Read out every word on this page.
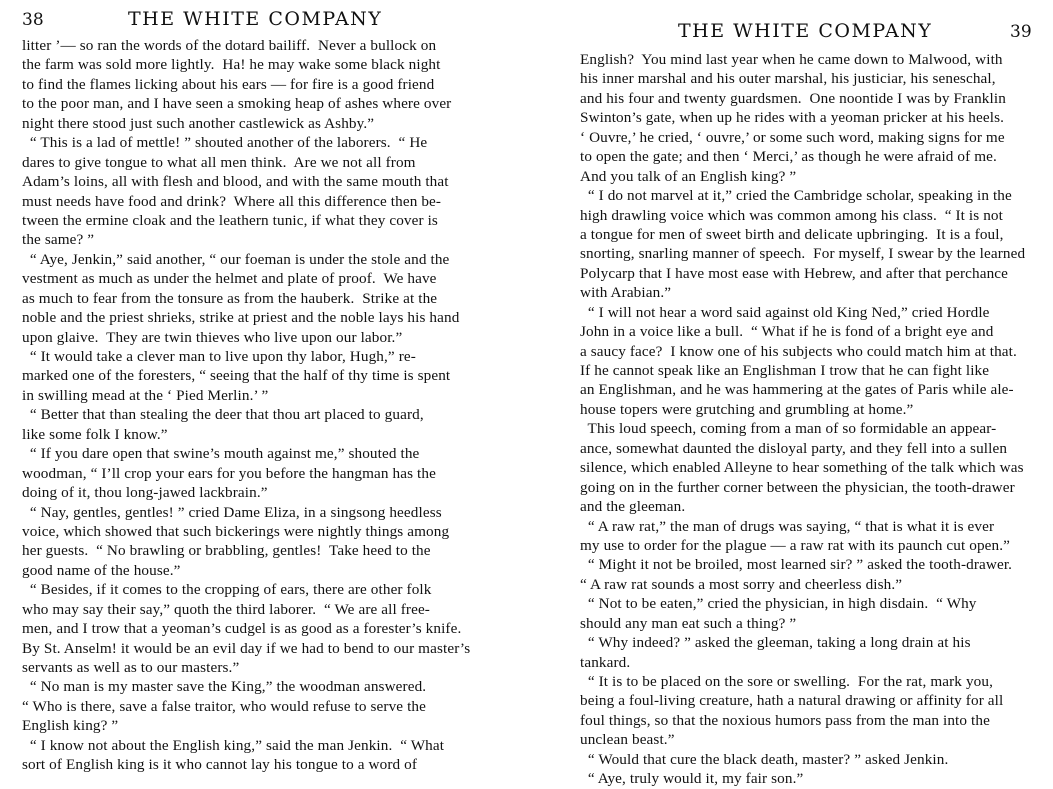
38	THE WHITE COMPANY
litter ’— so ran the words of the dotard bailiff.  Never a bullock on
the farm was sold more lightly.  Ha! he may wake some black night
to find the flames licking about his ears — for fire is a good friend
to the poor man, and I have seen a smoking heap of ashes where over
night there stood just such another castlewick as Ashby.”
“ This is a lad of mettle! ” shouted another of the laborers.  “ He
dares to give tongue to what all men think.  Are we not all from
Adam’s loins, all with flesh and blood, and with the same mouth that
must needs have food and drink?  Where all this difference then be-
tween the ermine cloak and the leathern tunic, if what they cover is
the same? ”
“ Aye, Jenkin,” said another, “ our foeman is under the stole and the
vestment as much as under the helmet and plate of proof.  We have
as much to fear from the tonsure as from the hauberk.  Strike at the
noble and the priest shrieks, strike at priest and the noble lays his hand
upon glaive.  They are twin thieves who live upon our labor.”
“ It would take a clever man to live upon thy labor, Hugh,” re-
marked one of the foresters, “ seeing that the half of thy time is spent
in swilling mead at the ‘ Pied Merlin.’ ”
“ Better that than stealing the deer that thou art placed to guard,
like some folk I know.”
“ If you dare open that swine’s mouth against me,” shouted the
woodman, “ I’ll crop your ears for you before the hangman has the
doing of it, thou long-jawed lackbrain.”
“ Nay, gentles, gentles! ” cried Dame Eliza, in a singsong heedless
voice, which showed that such bickerings were nightly things among
her guests.  “ No brawling or brabbling, gentles!  Take heed to the
good name of the house.”
“ Besides, if it comes to the cropping of ears, there are other folk
who may say their say,” quoth the third laborer.  “ We are all free-
men, and I trow that a yeoman’s cudgel is as good as a forester’s knife.
By St. Anselm! it would be an evil day if we had to bend to our master’s
servants as well as to our masters.”
“ No man is my master save the King,” the woodman answered.
“ Who is there, save a false traitor, who would refuse to serve the
English king? ”
“ I know not about the English king,” said the man Jenkin.  “ What
sort of English king is it who cannot lay his tongue to a word of
THE WHITE COMPANY	39
English?  You mind last year when he came down to Malwood, with
his inner marshal and his outer marshal, his justiciar, his seneschal,
and his four and twenty guardsmen.  One noontide I was by Franklin
Swinton’s gate, when up he rides with a yeoman pricker at his heels.
‘ Ouvre,’ he cried, ‘ ouvre,’ or some such word, making signs for me
to open the gate; and then ‘ Merci,’ as though he were afraid of me.
And you talk of an English king? ”
“ I do not marvel at it,” cried the Cambridge scholar, speaking in the
high drawling voice which was common among his class.  “ It is not
a tongue for men of sweet birth and delicate upbringing.  It is a foul,
snorting, snarling manner of speech.  For myself, I swear by the learned
Polycarp that I have most ease with Hebrew, and after that perchance
with Arabian.”
“ I will not hear a word said against old King Ned,” cried Hordle
John in a voice like a bull.  “ What if he is fond of a bright eye and
a saucy face?  I know one of his subjects who could match him at that.
If he cannot speak like an Englishman I trow that he can fight like
an Englishman, and he was hammering at the gates of Paris while ale-
house topers were grutching and grumbling at home.”
This loud speech, coming from a man of so formidable an appear-
ance, somewhat daunted the disloyal party, and they fell into a sullen
silence, which enabled Alleyne to hear something of the talk which was
going on in the further corner between the physician, the tooth-drawer
and the gleeman.
“ A raw rat,” the man of drugs was saying, “ that is what it is ever
my use to order for the plague — a raw rat with its paunch cut open.”
“ Might it not be broiled, most learned sir? ” asked the tooth-drawer.
“ A raw rat sounds a most sorry and cheerless dish.”
“ Not to be eaten,” cried the physician, in high disdain.  “ Why
should any man eat such a thing? ”
“ Why indeed? ” asked the gleeman, taking a long drain at his
tankard.
“ It is to be placed on the sore or swelling.  For the rat, mark you,
being a foul-living creature, hath a natural drawing or affinity for all
foul things, so that the noxious humors pass from the man into the
unclean beast.”
“ Would that cure the black death, master? ” asked Jenkin.
“ Aye, truly would it, my fair son.”
